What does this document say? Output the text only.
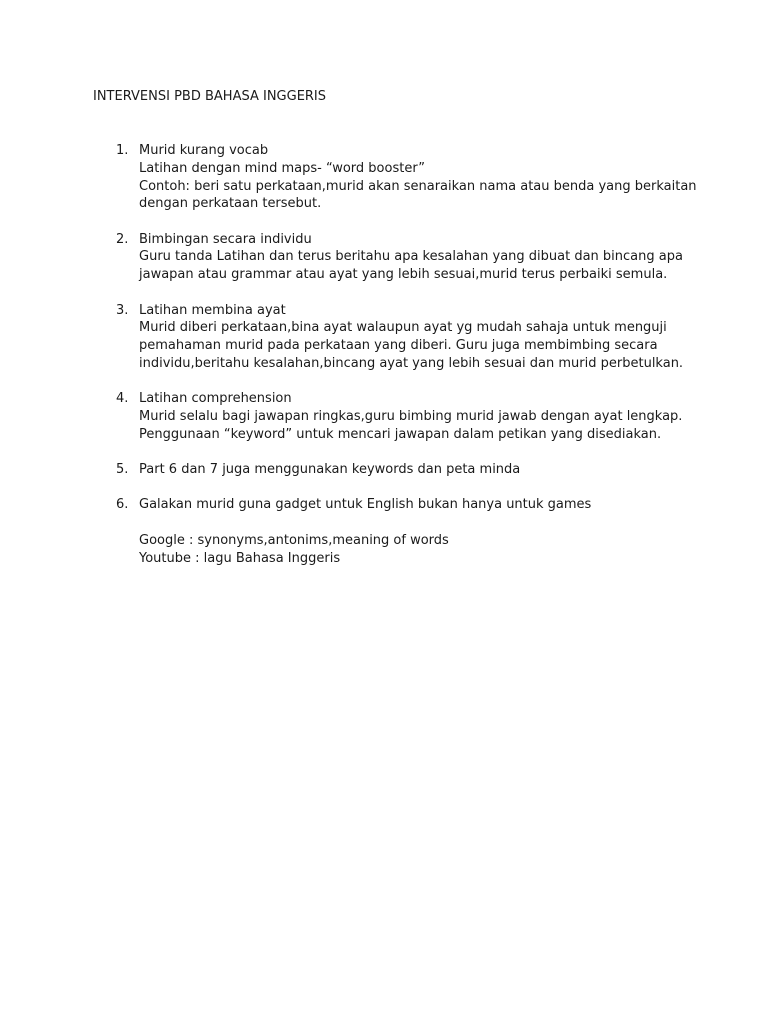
INTERVENSI PBD BAHASA INGGERIS
1. Murid kurang vocab
Latihan dengan mind maps- “word booster”
Contoh: beri satu perkataan,murid akan senaraikan nama atau benda yang berkaitan
dengan perkataan tersebut.
2. Bimbingan secara individu
Guru tanda Latihan dan terus beritahu apa kesalahan yang dibuat dan bincang apa
jawapan atau grammar atau ayat yang lebih sesuai,murid terus perbaiki semula.
3. Latihan membina ayat
Murid diberi perkataan,bina ayat walaupun ayat yg mudah sahaja untuk menguji
pemahaman murid pada perkataan yang diberi. Guru juga membimbing secara
individu,beritahu kesalahan,bincang ayat yang lebih sesuai dan murid perbetulkan.
4. Latihan comprehension
Murid selalu bagi jawapan ringkas,guru bimbing murid jawab dengan ayat lengkap.
Penggunaan “keyword” untuk mencari jawapan dalam petikan yang disediakan.
5. Part 6 dan 7 juga menggunakan keywords dan peta minda
6. Galakan murid guna gadget untuk English bukan hanya untuk games
Google : synonyms,antonims,meaning of words
Youtube : lagu Bahasa Inggeris
